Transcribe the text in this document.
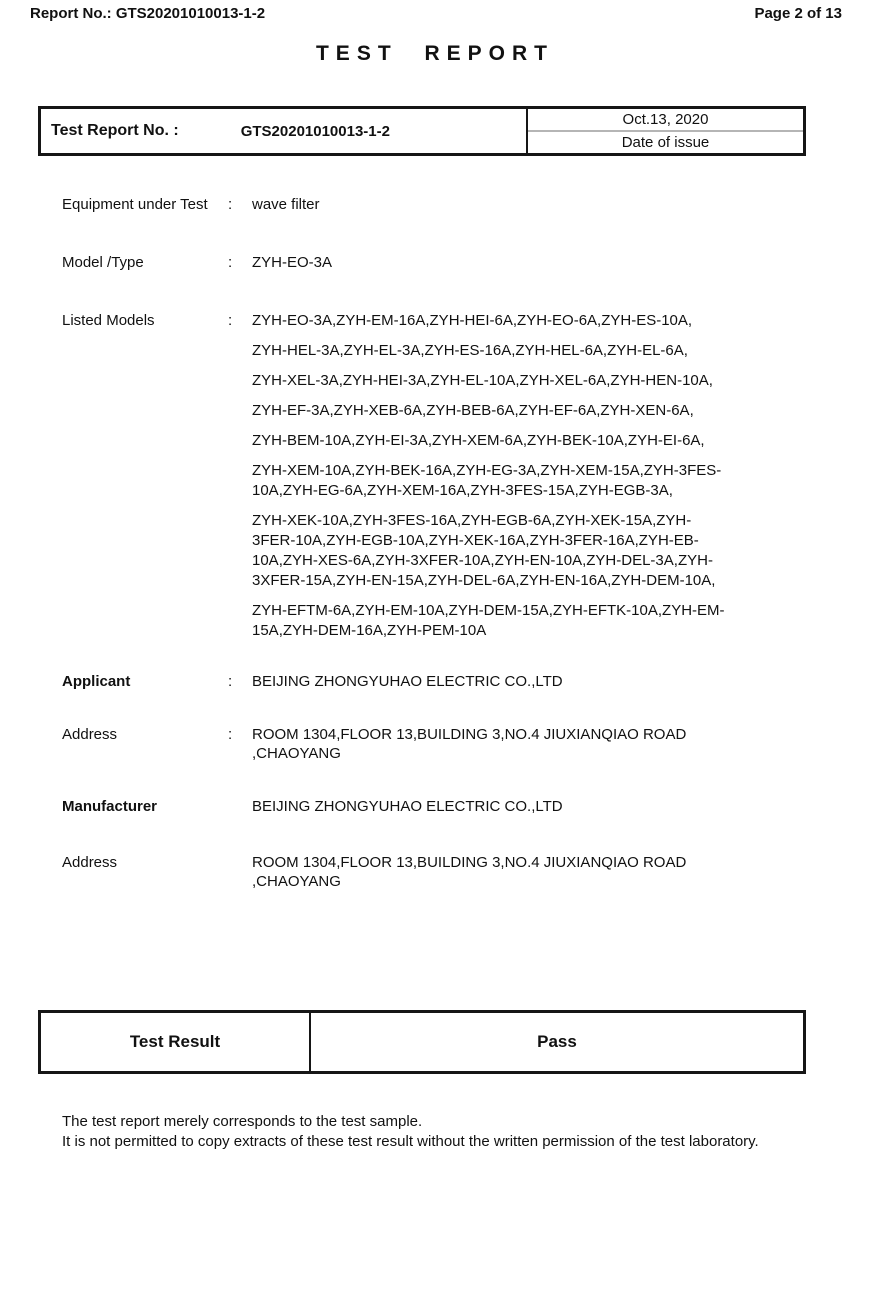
Report No.: GTS20201010013-1-2	Page 2 of 13
TEST REPORT
Test Report No. :	GTS20201010013-1-2
Oct.13, 2020
Date of issue
Equipment under Test	:	wave filter
Model /Type	:	ZYH-EO-3A
Listed Models	:	ZYH-EO-3A,ZYH-EM-16A,ZYH-HEI-6A,ZYH-EO-6A,ZYH-ES-10A,

ZYH-HEL-3A,ZYH-EL-3A,ZYH-ES-16A,ZYH-HEL-6A,ZYH-EL-6A,

ZYH-XEL-3A,ZYH-HEI-3A,ZYH-EL-10A,ZYH-XEL-6A,ZYH-HEN-10A,

ZYH-EF-3A,ZYH-XEB-6A,ZYH-BEB-6A,ZYH-EF-6A,ZYH-XEN-6A,

ZYH-BEM-10A,ZYH-EI-3A,ZYH-XEM-6A,ZYH-BEK-10A,ZYH-EI-6A,

ZYH-XEM-10A,ZYH-BEK-16A,ZYH-EG-3A,ZYH-XEM-15A,ZYH-3FES-10A,ZYH-EG-6A,ZYH-XEM-16A,ZYH-3FES-15A,ZYH-EGB-3A,

ZYH-XEK-10A,ZYH-3FES-16A,ZYH-EGB-6A,ZYH-XEK-15A,ZYH-3FER-10A,ZYH-EGB-10A,ZYH-XEK-16A,ZYH-3FER-16A,ZYH-EB-10A,ZYH-XES-6A,ZYH-3XFER-10A,ZYH-EN-10A,ZYH-DEL-3A,ZYH-3XFER-15A,ZYH-EN-15A,ZYH-DEL-6A,ZYH-EN-16A,ZYH-DEM-10A,

ZYH-EFTM-6A,ZYH-EM-10A,ZYH-DEM-15A,ZYH-EFTK-10A,ZYH-EM-15A,ZYH-DEM-16A,ZYH-PEM-10A

Applicant	:	BEIJING ZHONGYUHAO ELECTRIC CO.,LTD
Address	:	ROOM 1304,FLOOR 13,BUILDING 3,NO.4 JIUXIANQIAO ROAD ,CHAOYANG
Manufacturer	BEIJING ZHONGYUHAO ELECTRIC CO.,LTD
Address	ROOM 1304,FLOOR 13,BUILDING 3,NO.4 JIUXIANQIAO ROAD ,CHAOYANG
Test Result	Pass

The test report merely corresponds to the test sample.

It is not permitted to copy extracts of these test result without the written permission of the test laboratory.
